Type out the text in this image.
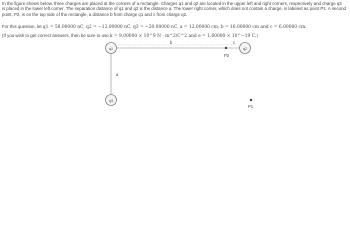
In the figure shown below, three charges are placed at the corners of a rectangle. Charges q1 and q2 are located in the upper left and right corners, respectively and charge q3 is placed in the lower left corner. The separation distance of q1 and q2 is the distance a. The lower right corner, which does not contain a charge, is labeled as point P1. A second point, P2, is on the top side of the rectangle, a distance b from charge q1 and c from charge q2.
For this question, let q1 = 58.00000 nC, q2 = −12.00000 nC, q3 = −20.00000 nC, a = 12.00000 cm, b = 16.00000 cm and c = 6.00000 cm.
(If you wish to get correct answers, then be sure to use k = 9.00000 × 10^9 N · m^2/C^2 and e = 1.60000 × 10^−19 C.)
q1	q2
q3
a
b	c
P2
P1
